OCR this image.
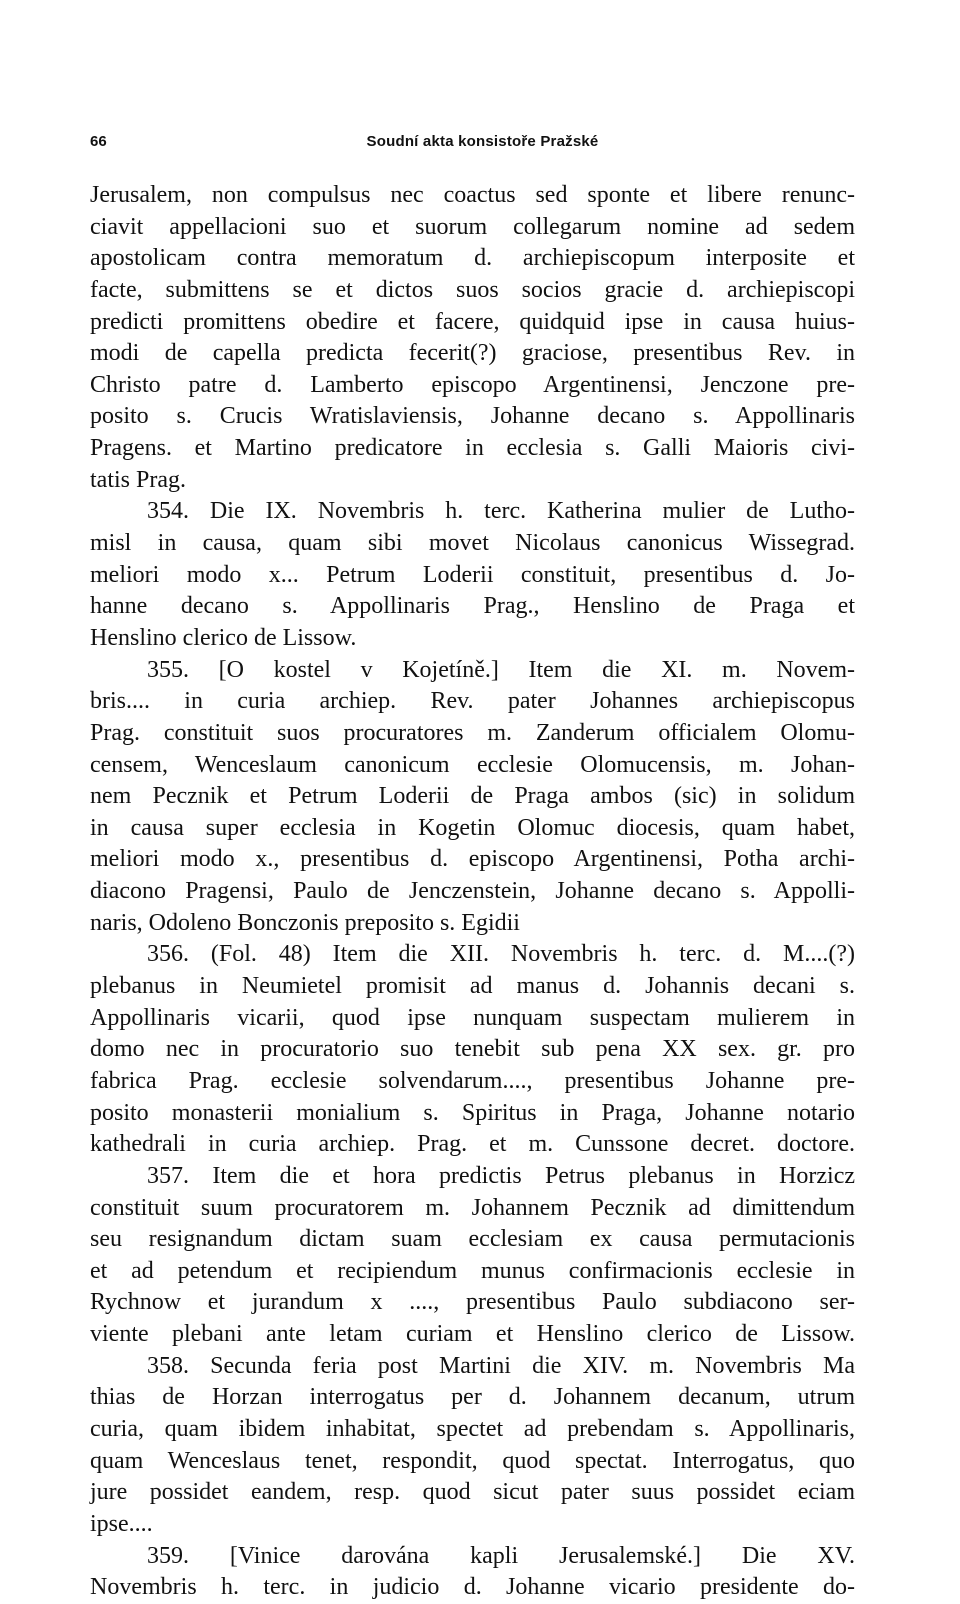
66	Soudní akta konsistoře Pražské
Jerusalem, non compulsus nec coactus sed sponte et libere renunc-
ciavit appellacioni suo et suorum collegarum nomine ad sedem
apostolicam contra memoratum d. archiepiscopum interposite et
facte, submittens se et dictos suos socios gracie d. archiepiscopi
predicti promittens obedire et facere, quidquid ipse in causa huius-
modi de capella predicta fecerit(?) graciose, presentibus Rev. in
Christo patre d. Lamberto episcopo Argentinensi, Jenczone pre-
posito s. Crucis Wratislaviensis, Johanne decano s. Appollinaris
Pragens. et Martino predicatore in ecclesia s. Galli Maioris civi-
tatis Prag.
354. Die IX. Novembris h. terc. Katherina mulier de Lutho-
misl in causa, quam sibi movet Nicolaus canonicus Wissegrad.
meliori modo x... Petrum Loderii constituit, presentibus d. Jo-
hanne decano s. Appollinaris Prag., Henslino de Praga et
Henslino clerico de Lissow.
355. [O kostel v Kojetíně.] Item die XI. m. Novem-
bris.... in curia archiep. Rev. pater Johannes archiepiscopus
Prag. constituit suos procuratores m. Zanderum officialem Olomu-
censem, Wenceslaum canonicum ecclesie Olomucensis, m. Johan-
nem Pecznik et Petrum Loderii de Praga ambos (sic) in solidum
in causa super ecclesia in Kogetin Olomuc diocesis, quam habet,
meliori modo x., presentibus d. episcopo Argentinensi, Potha archi-
diacono Pragensi, Paulo de Jenczenstein, Johanne decano s. Appolli-
naris, Odoleno Bonczonis preposito s. Egidii
356. (Fol. 48) Item die XII. Novembris h. terc. d. M....(?)
plebanus in Neumietel promisit ad manus d. Johannis decani s.
Appollinaris vicarii, quod ipse nunquam suspectam mulierem in
domo nec in procuratorio suo tenebit sub pena XX sex. gr. pro
fabrica Prag. ecclesie solvendarum...., presentibus Johanne pre-
posito monasterii monialium s. Spiritus in Praga, Johanne notario
kathedrali in curia archiep. Prag. et m. Cunssone decret. doctore.
357. Item die et hora predictis Petrus plebanus in Horzicz
constituit suum procuratorem m. Johannem Pecznik ad dimittendum
seu resignandum dictam suam ecclesiam ex causa permutacionis
et ad petendum et recipiendum munus confirmacionis ecclesie in
Rychnow et jurandum x ...., presentibus Paulo subdiacono ser-
viente plebani ante letam curiam et Henslino clerico de Lissow.
358. Secunda feria post Martini die XIV. m. Novembris Ma
thias de Horzan interrogatus per d. Johannem decanum, utrum
curia, quam ibidem inhabitat, spectet ad prebendam s. Appollinaris,
quam Wenceslaus tenet, respondit, quod spectat. Interrogatus, quo
jure possidet eandem, resp. quod sicut pater suus possidet eciam
ipse....
359. [Vinice darována kapli Jerusalemské.] Die XV.
Novembris h. terc. in judicio d. Johanne vicario presidente do-
